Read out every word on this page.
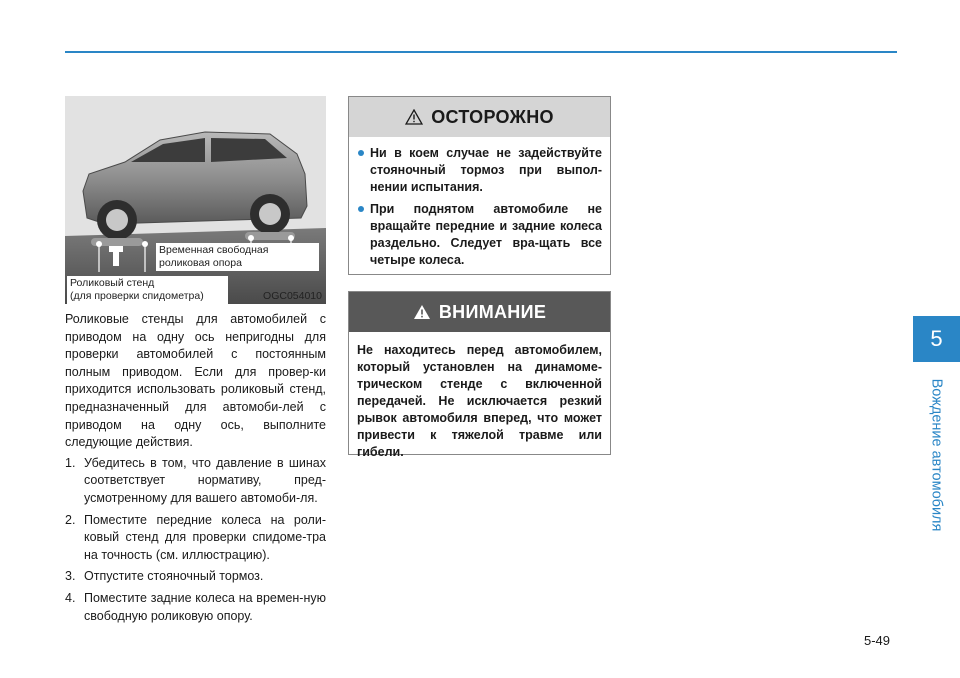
5
Вождение автомобиля
Временная свободная
роликовая опора
Роликовый стенд
(для проверки спидометра)	OGC054010

Роликовые стенды для автомобилей с приводом на одну ось непригодны для проверки автомобилей с постоянным полным приводом. Если для провер-ки приходится использовать роликовый стенд, предназначенный для автомоби-лей с приводом на одну ось, выполните следующие действия.

1. Убедитесь в том, что давление в шинах соответствует нормативу, пред-усмотренному для вашего автомоби-ля.
2. Поместите передние колеса на роли-ковый стенд для проверки спидоме-тра на точность (см. иллюстрацию).
3. Отпустите стояночный тормоз.
4. Поместите задние колеса на времен-ную свободную роликовую опору.
ОСТОРОЖНО
Ни в коем случае не задействуйте стояночный тормоз при выпол-нении испытания.
При поднятом автомобиле не вращайте передние и задние колеса раздельно. Следует вра-щать все четыре колеса.
ВНИМАНИЕ
Не находитесь перед автомобилем, который установлен на динамоме-трическом стенде с включенной передачей. Не исключается резкий рывок автомобиля вперед, что может привести к тяжелой травме или гибели.
5-49
